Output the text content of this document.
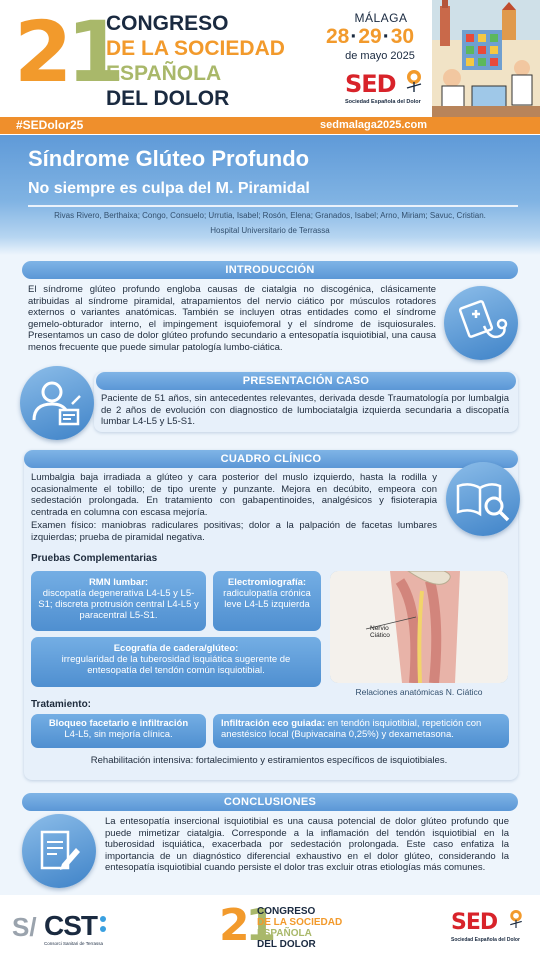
21
CONGRESO
DE LA SOCIEDAD
ESPAÑOLA
DEL DOLOR
MÁLAGA
28·29·30
de mayo 2025
SED
Sociedad Española del Dolor
#SEDolor25	sedmalaga2025.com
Síndrome Glúteo Profundo
No siempre es culpa del M. Piramidal
Rivas Rivero, Berthaixa; Congo, Consuelo; Urrutia, Isabel; Rosón, Elena; Granados, Isabel; Arno, Miriam; Savuc, Cristian.
Hospital Universitario de Terrassa
INTRODUCCIÓN
El síndrome glúteo profundo engloba causas de ciatalgia no discogénica, clásicamente atribuidas al síndrome piramidal, atrapamientos del nervio ciático por músculos rotadores externos o variantes anatómicas. También se incluyen otras entidades como el síndrome gemelo-obturador interno, el impingement isquiofemoral y el síndrome de isquiosurales. Presentamos un caso de dolor glúteo profundo secundario a entesopatía isquiotibial, una causa menos frecuente que puede simular patología lumbo-ciática.
PRESENTACIÓN CASO
Paciente de 51 años, sin antecedentes relevantes, derivada desde Traumatología por lumbalgia de 2 años de evolución con diagnostico de lumbociatalgia izquierda secundaria a discopatía lumbar L4-L5 y L5-S1.
CUADRO CLÍNICO
Lumbalgia baja irradiada a glúteo y cara posterior del muslo izquierdo, hasta la rodilla y ocasionalmente el tobillo; de tipo urente y punzante. Mejora en decúbito, empeora con sedestación prolongada. En tratamiento con gabapentinoides, analgésicos y fisioterapia centrada en columna con escasa mejoría.
Examen físico: maniobras radiculares positivas; dolor a la palpación de facetas lumbares izquierdas; prueba de piramidal negativa.
Pruebas Complementarias
RMN lumbar:
discopatía degenerativa L4-L5 y L5-S1; discreta protrusión central L4-L5 y paracentral L5-S1.
Electromiografía:
radiculopatía crónica leve L4-L5 izquierda
Ecografía de cadera/glúteo:
irregularidad de la tuberosidad isquiática sugerente de entesopatía del tendón común isquiotibial.
Nervio Ciático
Relaciones anatómicas N. Ciático
Tratamiento:
Bloqueo facetario e infiltración
L4-L5, sin mejoría clínica.
Infiltración eco guiada: en tendón isquiotibial, repetición con anestésico local (Bupivacaina 0,25%) y dexametasona.
Rehabilitación intensiva: fortalecimiento y estiramientos específicos de isquiotibiales.
CONCLUSIONES
La entesopatía insercional isquiotibial es una causa potencial de dolor glúteo profundo que puede mimetizar ciatalgia. Corresponde a la inflamación del tendón isquiotibial en la tuberosidad isquiática, exacerbada por sedestación prolongada. Este caso enfatiza la importancia de un diagnóstico diferencial exhaustivo en el dolor glúteo, considerando la entesopatía isquiotibial cuando persiste el dolor tras excluir otras etiologías más comunes.
S/ CST
Consorci Sanitari de Terrassa	21
CONGRESO
DE LA SOCIEDAD
ESPAÑOLA
DEL DOLOR
SED
Sociedad Española del Dolor
